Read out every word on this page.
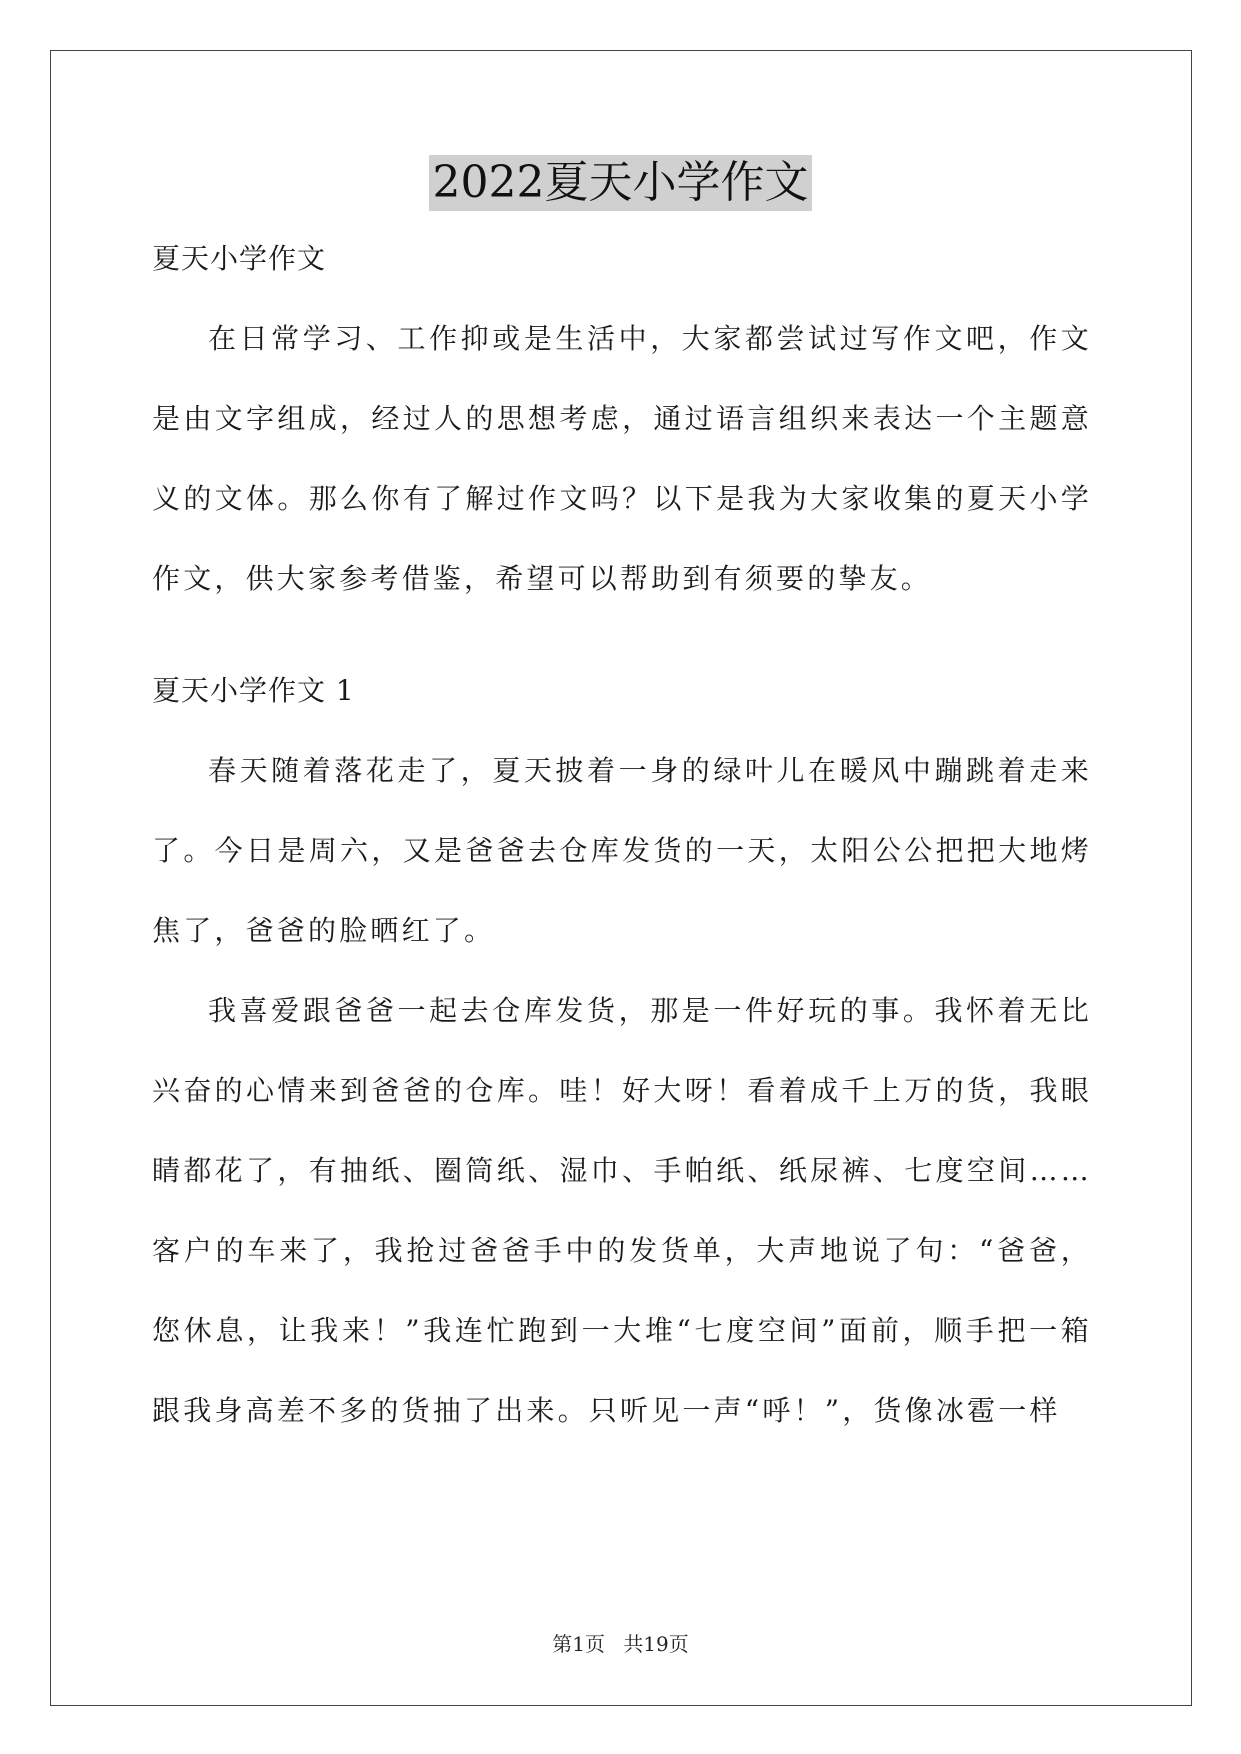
2022夏天小学作文

夏天小学作文

在日常学习、工作抑或是生活中，大家都尝试过写作文吧，作文是由文字组成，经过人的思想考虑，通过语言组织来表达一个主题意义的文体。那么你有了解过作文吗？以下是我为大家收集的夏天小学作文，供大家参考借鉴，希望可以帮助到有须要的挚友。

夏天小学作文 1

春天随着落花走了，夏天披着一身的绿叶儿在暖风中蹦跳着走来了。今日是周六，又是爸爸去仓库发货的一天，太阳公公把把大地烤焦了，爸爸的脸晒红了。

我喜爱跟爸爸一起去仓库发货，那是一件好玩的事。我怀着无比兴奋的心情来到爸爸的仓库。哇！好大呀！看着成千上万的货，我眼睛都花了，有抽纸、圈筒纸、湿巾、手帕纸、纸尿裤、七度空间……客户的车来了，我抢过爸爸手中的发货单，大声地说了句：“爸爸，您休息，让我来！”我连忙跑到一大堆“七度空间”面前，顺手把一箱跟我身高差不多的货抽了出来。只听见一声“呼！”，货像冰雹一样

第1页 共19页
